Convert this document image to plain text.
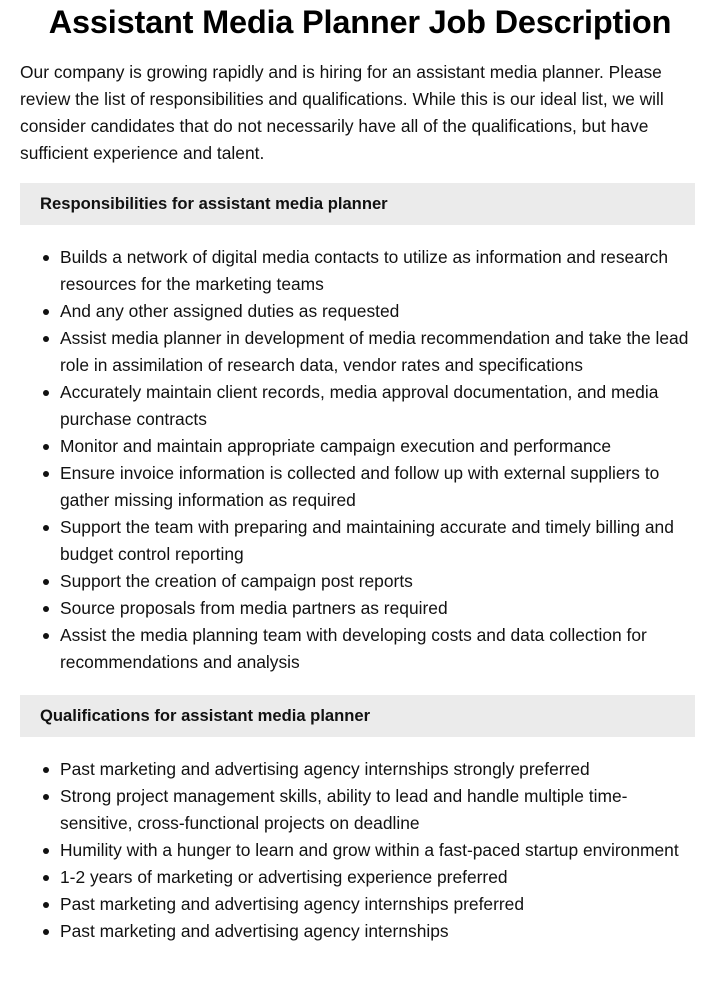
Assistant Media Planner Job Description

Our company is growing rapidly and is hiring for an assistant media planner. Please review the list of responsibilities and qualifications. While this is our ideal list, we will consider candidates that do not necessarily have all of the qualifications, but have sufficient experience and talent.

Responsibilities for assistant media planner
Builds a network of digital media contacts to utilize as information and research resources for the marketing teams
And any other assigned duties as requested
Assist media planner in development of media recommendation and take the lead role in assimilation of research data, vendor rates and specifications
Accurately maintain client records, media approval documentation, and media purchase contracts
Monitor and maintain appropriate campaign execution and performance
Ensure invoice information is collected and follow up with external suppliers to gather missing information as required
Support the team with preparing and maintaining accurate and timely billing and budget control reporting
Support the creation of campaign post reports
Source proposals from media partners as required
Assist the media planning team with developing costs and data collection for recommendations and analysis
Qualifications for assistant media planner
Past marketing and advertising agency internships strongly preferred
Strong project management skills, ability to lead and handle multiple time-sensitive, cross-functional projects on deadline
Humility with a hunger to learn and grow within a fast-paced startup environment
1-2 years of marketing or advertising experience preferred
Past marketing and advertising agency internships preferred
Past marketing and advertising agency internships
